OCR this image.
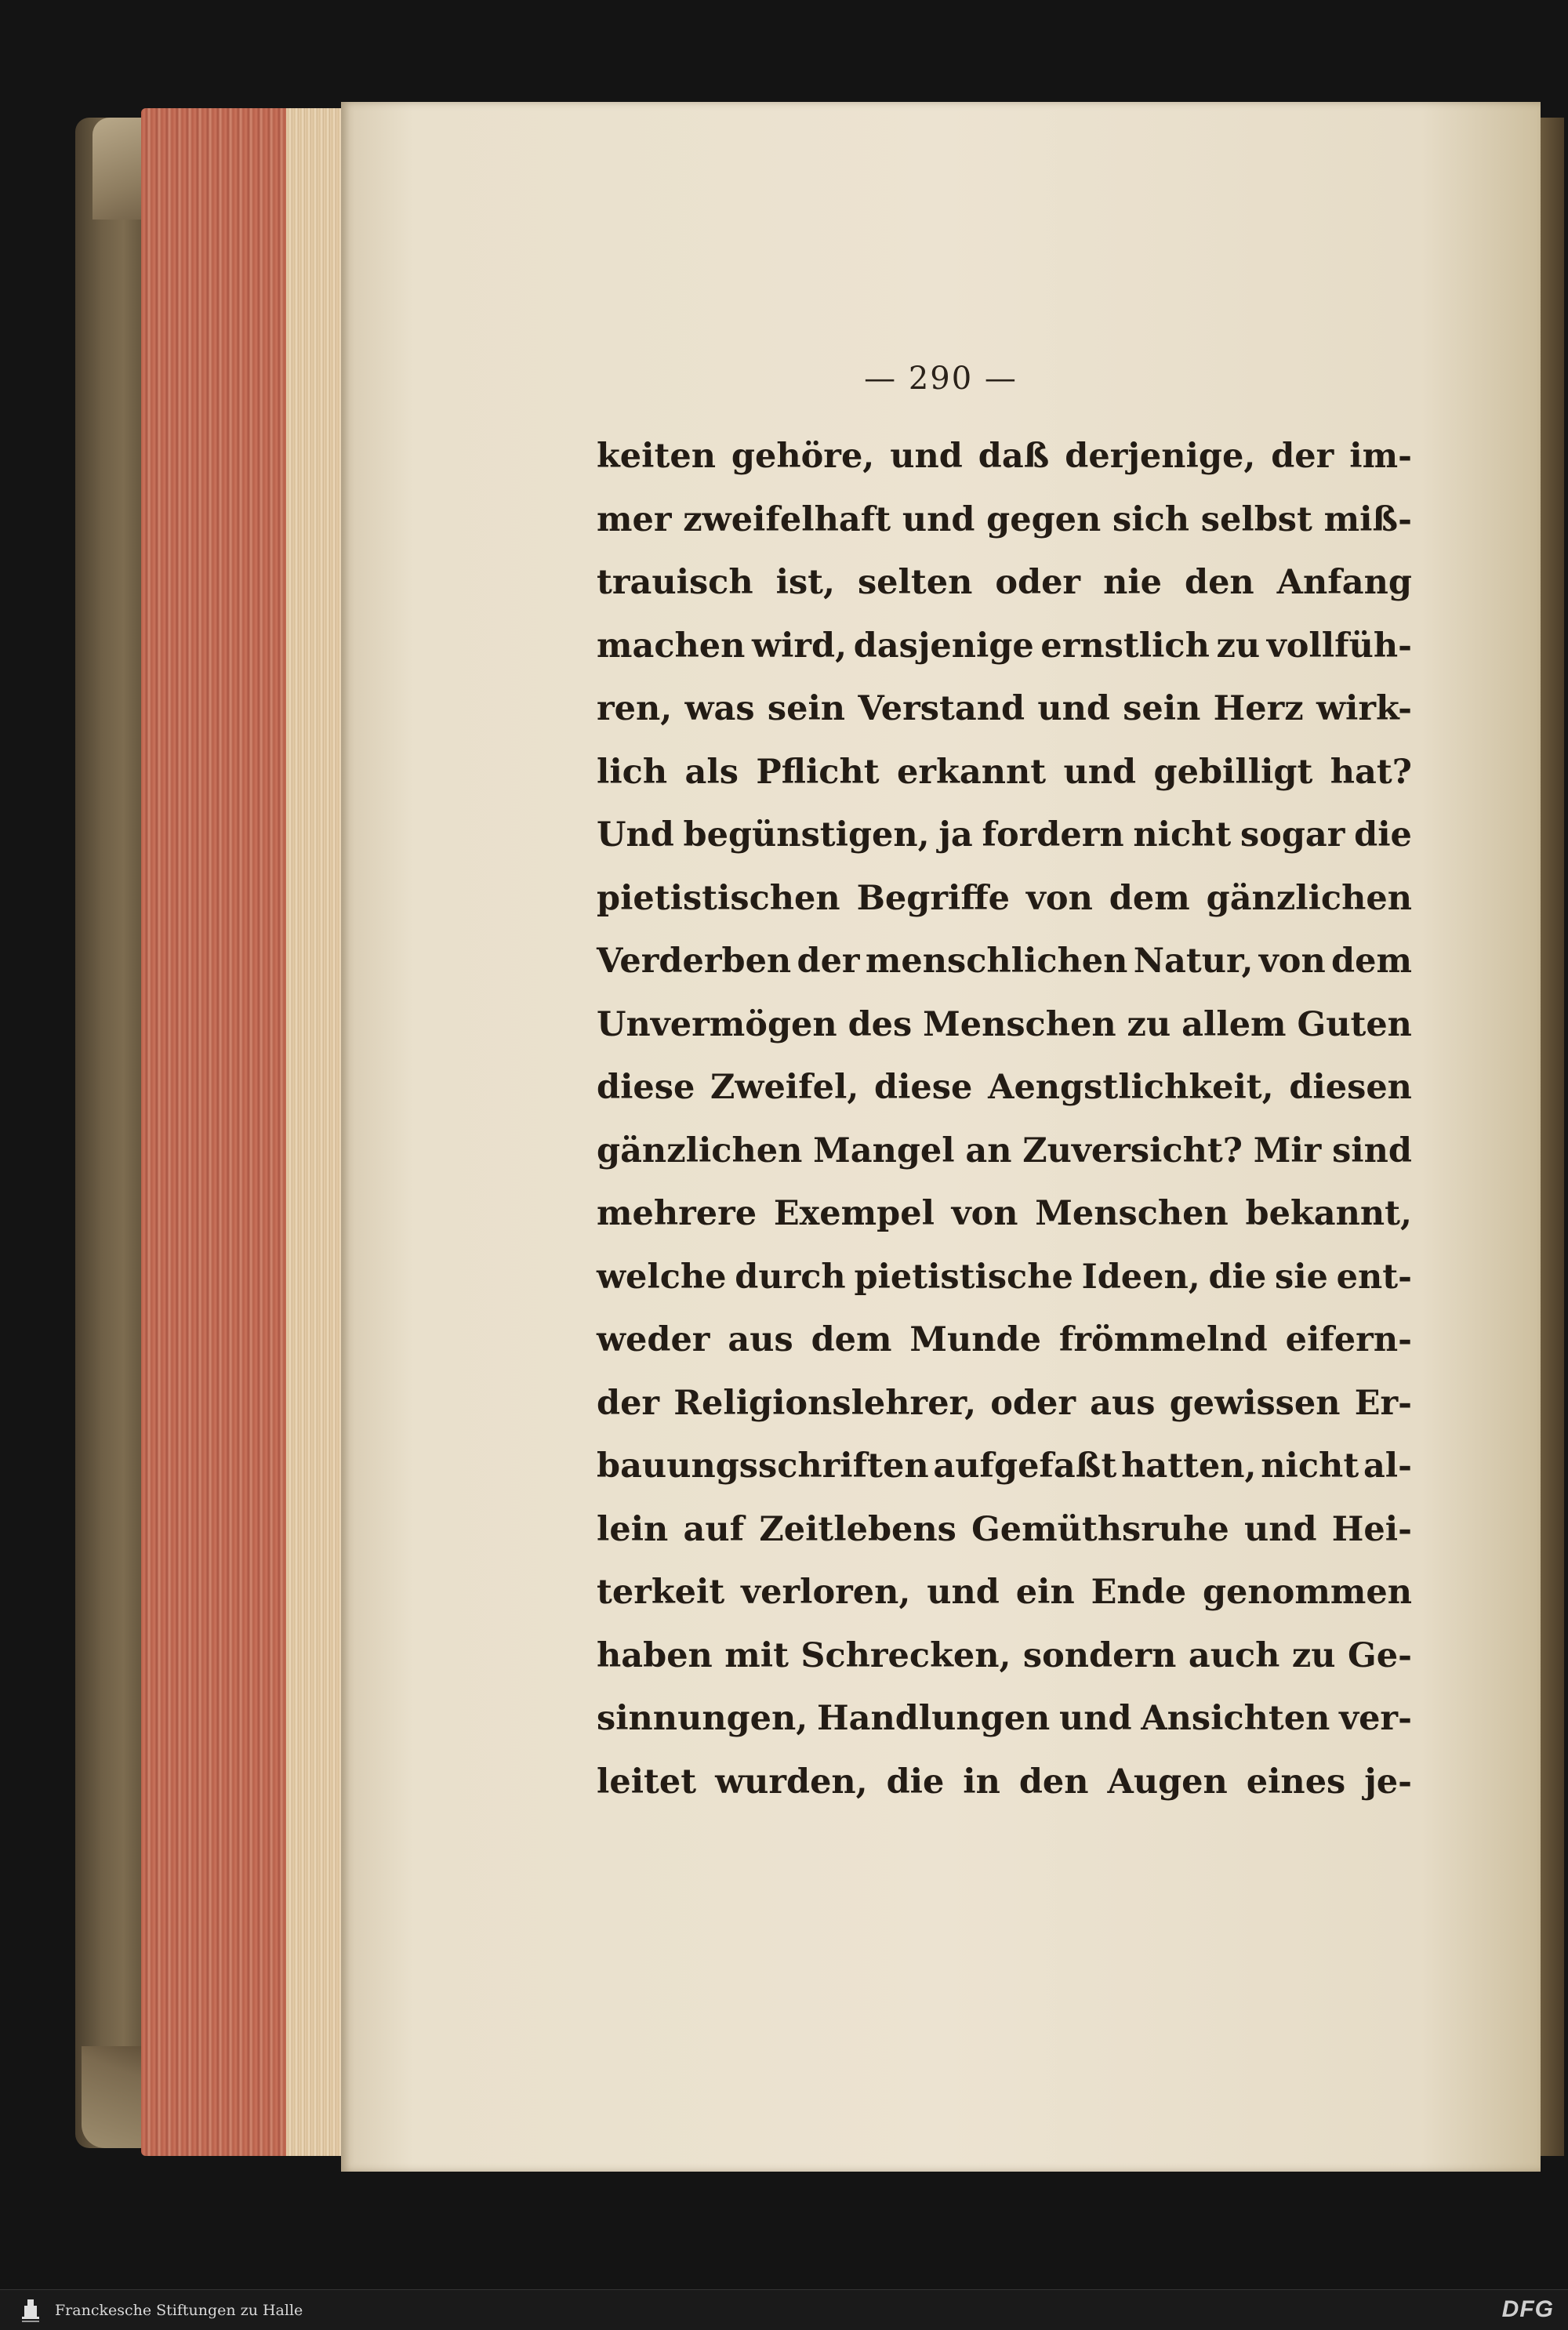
— 290 —
keiten gehöre, und daß derjenige, der im-
mer zweifelhaft und gegen sich selbst miß-
trauisch ist, selten oder nie den Anfang
machen wird, dasjenige ernstlich zu vollfüh-
ren, was sein Verstand und sein Herz wirk-
lich als Pflicht erkannt und gebilligt hat?
Und begünstigen, ja fordern nicht sogar die
pietistischen Begriffe von dem gänzlichen
Verderben der menschlichen Natur, von dem
Unvermögen des Menschen zu allem Guten
diese Zweifel, diese Aengstlichkeit, diesen
gänzlichen Mangel an Zuversicht? Mir sind
mehrere Exempel von Menschen bekannt,
welche durch pietistische Ideen, die sie ent-
weder aus dem Munde frömmelnd eifern-
der Religionslehrer, oder aus gewissen Er-
bauungsschriften aufgefaßt hatten, nicht al-
lein auf Zeitlebens Gemüthsruhe und Hei-
terkeit verloren, und ein Ende genommen
haben mit Schrecken, sondern auch zu Ge-
sinnungen, Handlungen und Ansichten ver-
leitet wurden, die in den Augen eines je-
Franckesche Stiftungen zu Halle	DFG
